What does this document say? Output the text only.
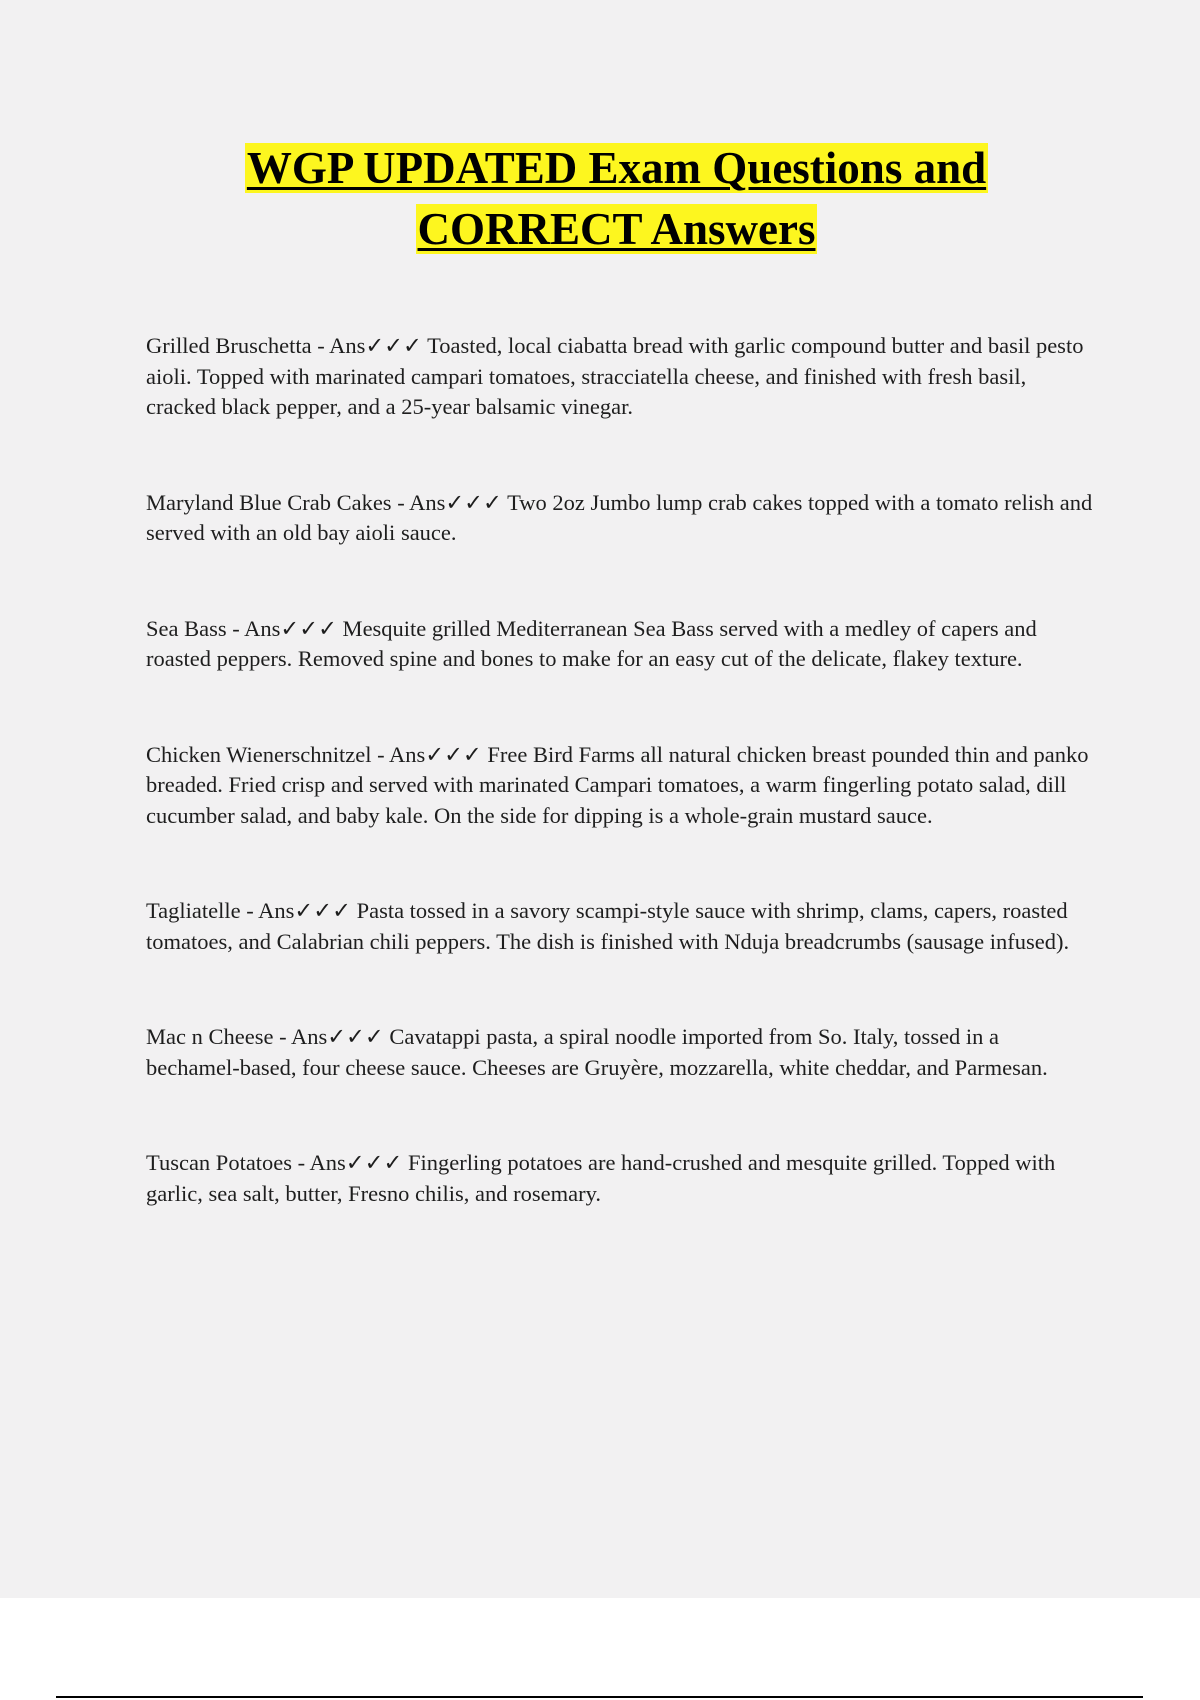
WGP UPDATED Exam Questions and
CORRECT Answers

Grilled Bruschetta - Ans✓✓✓ Toasted, local ciabatta bread with garlic compound butter and basil pesto aioli. Topped with marinated campari tomatoes, stracciatella cheese, and finished with fresh basil, cracked black pepper, and a 25-year balsamic vinegar.

Maryland Blue Crab Cakes - Ans✓✓✓ Two 2oz Jumbo lump crab cakes topped with a tomato relish and served with an old bay aioli sauce.

Sea Bass - Ans✓✓✓ Mesquite grilled Mediterranean Sea Bass served with a medley of capers and roasted peppers. Removed spine and bones to make for an easy cut of the delicate, flakey texture.

Chicken Wienerschnitzel - Ans✓✓✓ Free Bird Farms all natural chicken breast pounded thin and panko breaded. Fried crisp and served with marinated Campari tomatoes, a warm fingerling potato salad, dill cucumber salad, and baby kale. On the side for dipping is a whole-grain mustard sauce.

Tagliatelle - Ans✓✓✓ Pasta tossed in a savory scampi-style sauce with shrimp, clams, capers, roasted tomatoes, and Calabrian chili peppers. The dish is finished with Nduja breadcrumbs (sausage infused).

Mac n Cheese - Ans✓✓✓ Cavatappi pasta, a spiral noodle imported from So. Italy, tossed in a bechamel-based, four cheese sauce. Cheeses are Gruyère, mozzarella, white cheddar, and Parmesan.

Tuscan Potatoes - Ans✓✓✓ Fingerling potatoes are hand-crushed and mesquite grilled. Topped with garlic, sea salt, butter, Fresno chilis, and rosemary.
